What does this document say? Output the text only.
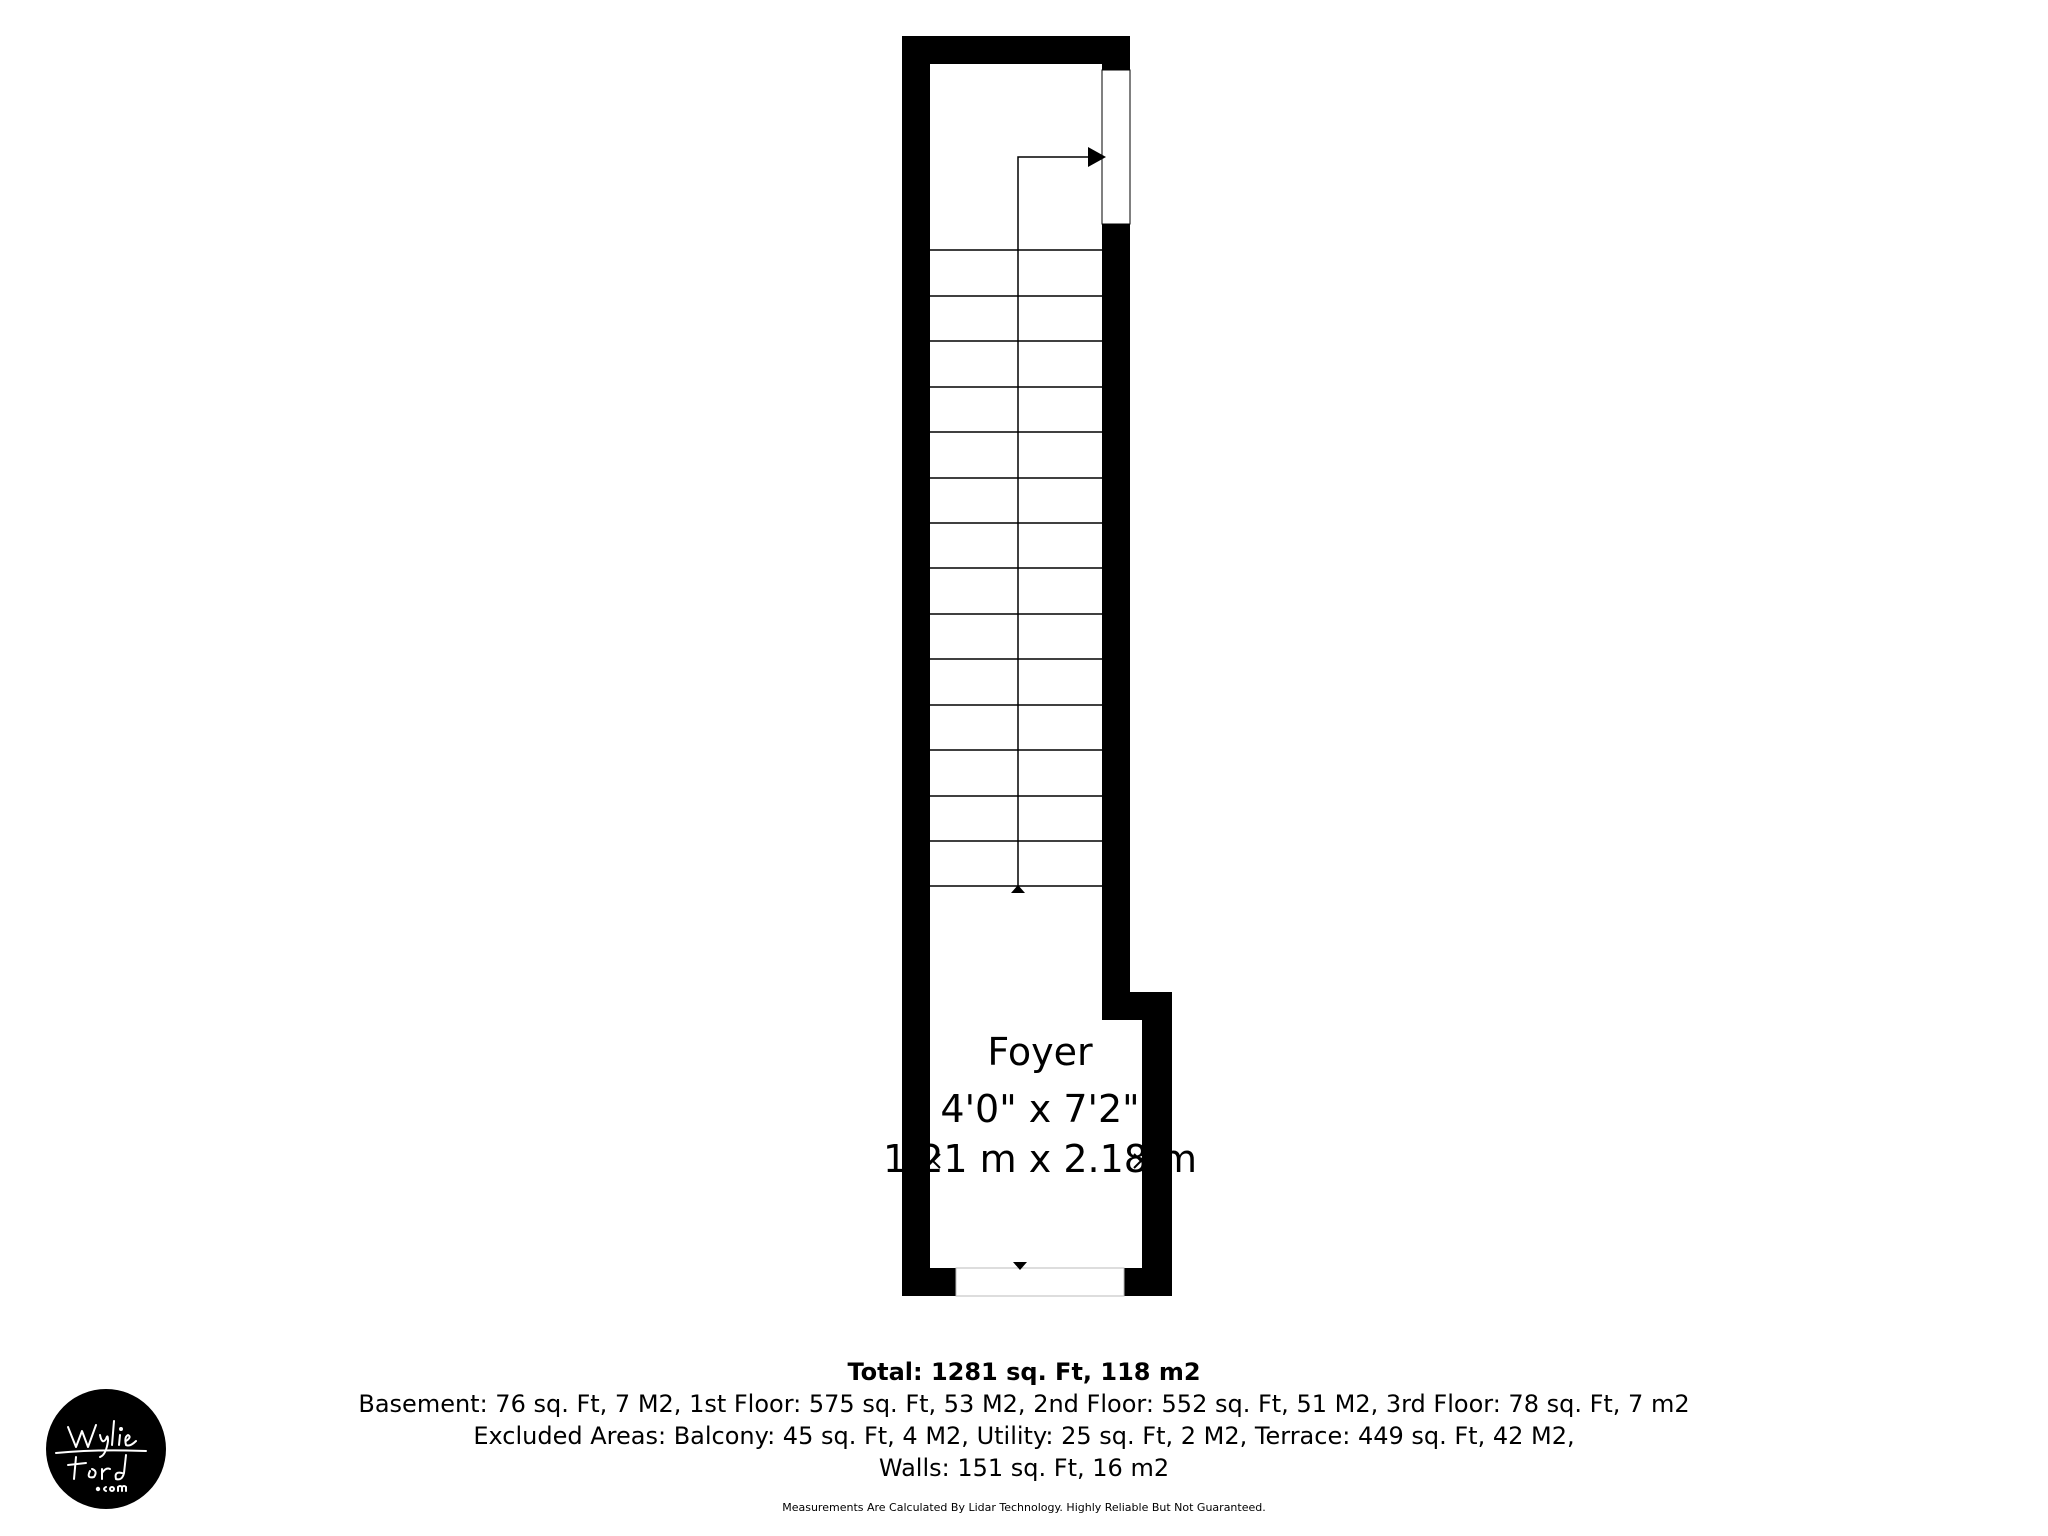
Foyer
4'0" x 7'2"
1.21 m x 2.18 m
Total: 1281 sq. Ft, 118 m2
Basement: 76 sq. Ft, 7 M2, 1st Floor: 575 sq. Ft, 53 M2, 2nd Floor: 552 sq. Ft, 51 M2, 3rd Floor: 78 sq. Ft, 7 m2
Excluded Areas: Balcony: 45 sq. Ft, 4 M2, Utility: 25 sq. Ft, 2 M2, Terrace: 449 sq. Ft, 42 M2,
Walls: 151 sq. Ft, 16 m2
Measurements Are Calculated By Lidar Technology. Highly Reliable But Not Guaranteed.
